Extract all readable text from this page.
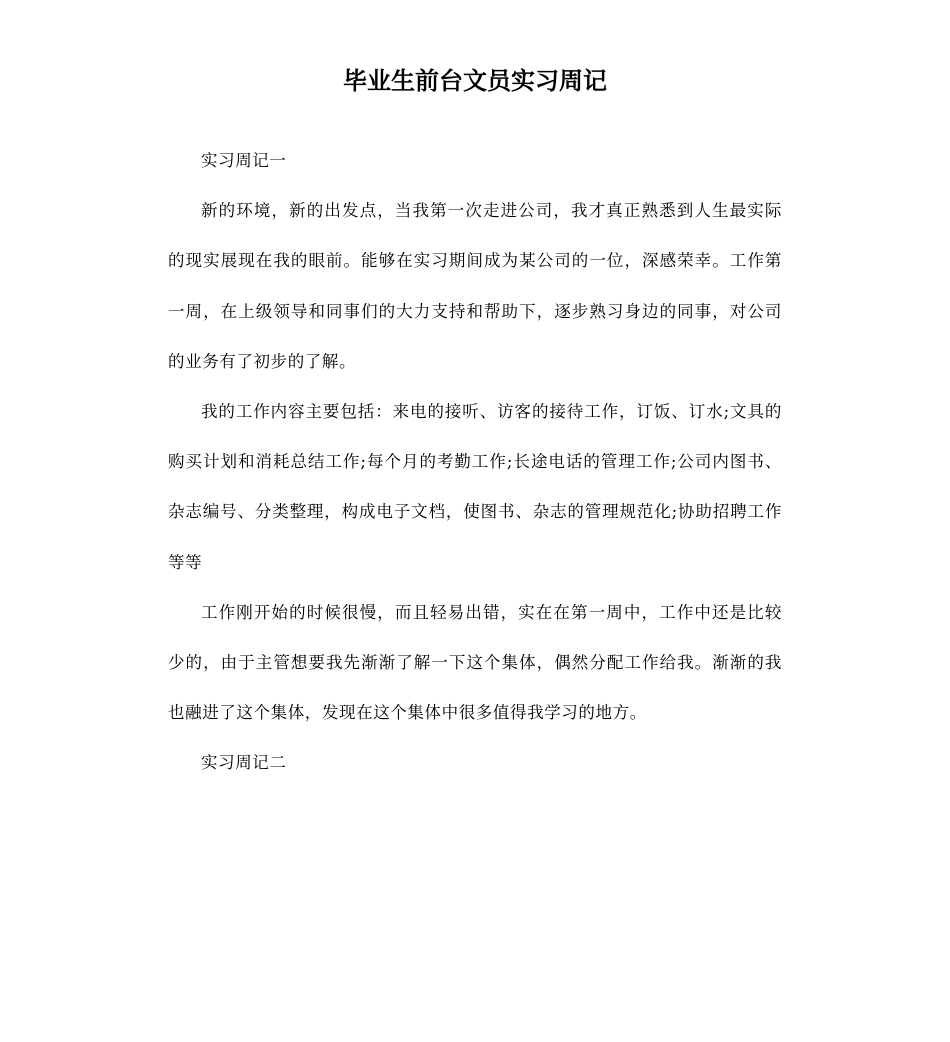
毕业生前台文员实习周记

实习周记一

新的环境，新的出发点，当我第一次走进公司，我才真正熟悉到人生最实际的现实展现在我的眼前。能够在实习期间成为某公司的一位，深感荣幸。工作第一周，在上级领导和同事们的大力支持和帮助下，逐步熟习身边的同事，对公司的业务有了初步的了解。

我的工作内容主要包括：来电的接听、访客的接待工作，订饭、订水;文具的购买计划和消耗总结工作;每个月的考勤工作;长途电话的管理工作;公司内图书、杂志编号、分类整理，构成电子文档，使图书、杂志的管理规范化;协助招聘工作等等

工作刚开始的时候很慢，而且轻易出错，实在在第一周中，工作中还是比较少的，由于主管想要我先渐渐了解一下这个集体，偶然分配工作给我。渐渐的我也融进了这个集体，发现在这个集体中很多值得我学习的地方。

实习周记二
